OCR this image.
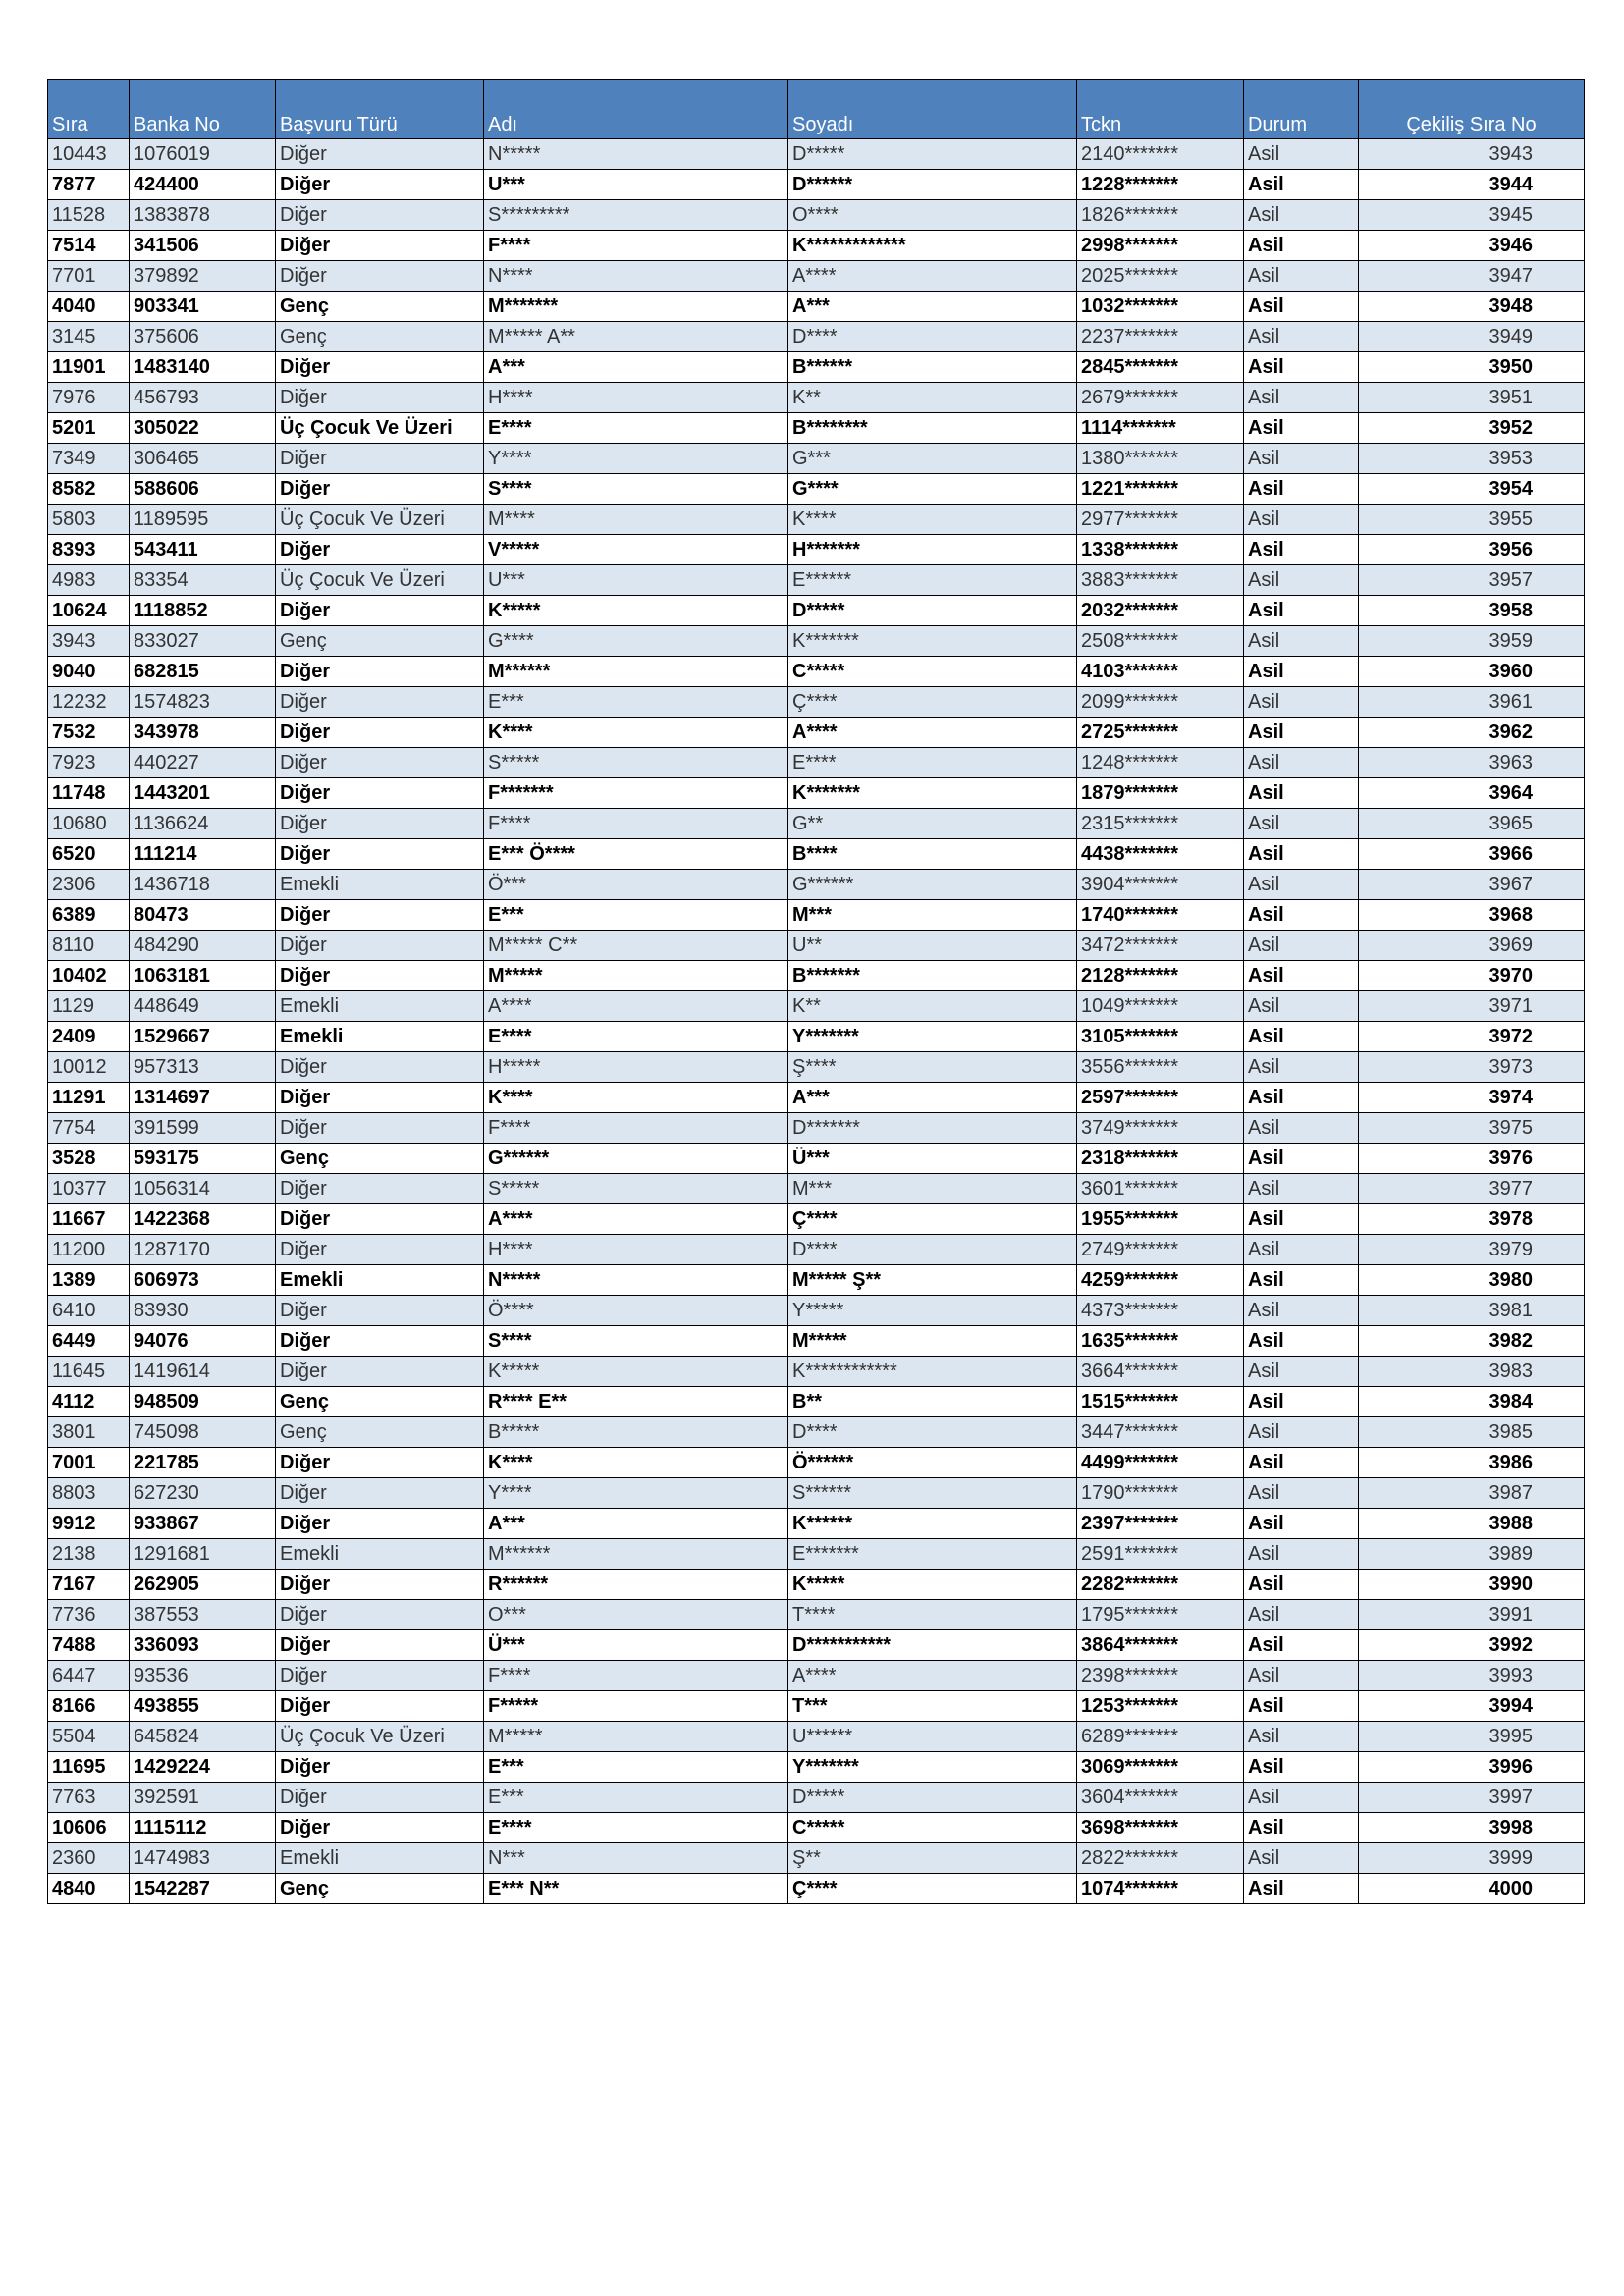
Sıra	Banka No	Başvuru Türü	Adı	Soyadı	Tckn	Durum	Çekiliş Sıra No
10443	1076019	Diğer	N*****	D*****	2140*******	Asil	3943
7877	424400	Diğer	U***	D******	1228*******	Asil	3944
11528	1383878	Diğer	S*********	O****	1826*******	Asil	3945
7514	341506	Diğer	F****	K*************	2998*******	Asil	3946
7701	379892	Diğer	N****	A****	2025*******	Asil	3947
4040	903341	Genç	M*******	A***	1032*******	Asil	3948
3145	375606	Genç	M***** A**	D****	2237*******	Asil	3949
11901	1483140	Diğer	A***	B******	2845*******	Asil	3950
7976	456793	Diğer	H****	K**	2679*******	Asil	3951
5201	305022	Üç Çocuk Ve Üzeri	E****	B********	1114*******	Asil	3952
7349	306465	Diğer	Y****	G***	1380*******	Asil	3953
8582	588606	Diğer	S****	G****	1221*******	Asil	3954
5803	1189595	Üç Çocuk Ve Üzeri	M****	K****	2977*******	Asil	3955
8393	543411	Diğer	V*****	H*******	1338*******	Asil	3956
4983	83354	Üç Çocuk Ve Üzeri	U***	E******	3883*******	Asil	3957
10624	1118852	Diğer	K*****	D*****	2032*******	Asil	3958
3943	833027	Genç	G****	K*******	2508*******	Asil	3959
9040	682815	Diğer	M******	C*****	4103*******	Asil	3960
12232	1574823	Diğer	E***	Ç****	2099*******	Asil	3961
7532	343978	Diğer	K****	A****	2725*******	Asil	3962
7923	440227	Diğer	S*****	E****	1248*******	Asil	3963
11748	1443201	Diğer	F*******	K*******	1879*******	Asil	3964
10680	1136624	Diğer	F****	G**	2315*******	Asil	3965
6520	111214	Diğer	E*** Ö****	B****	4438*******	Asil	3966
2306	1436718	Emekli	Ö***	G******	3904*******	Asil	3967
6389	80473	Diğer	E***	M***	1740*******	Asil	3968
8110	484290	Diğer	M***** C**	U**	3472*******	Asil	3969
10402	1063181	Diğer	M*****	B*******	2128*******	Asil	3970
1129	448649	Emekli	A****	K**	1049*******	Asil	3971
2409	1529667	Emekli	E****	Y*******	3105*******	Asil	3972
10012	957313	Diğer	H*****	Ş****	3556*******	Asil	3973
11291	1314697	Diğer	K****	A***	2597*******	Asil	3974
7754	391599	Diğer	F****	D*******	3749*******	Asil	3975
3528	593175	Genç	G******	Ü***	2318*******	Asil	3976
10377	1056314	Diğer	S*****	M***	3601*******	Asil	3977
11667	1422368	Diğer	A****	Ç****	1955*******	Asil	3978
11200	1287170	Diğer	H****	D****	2749*******	Asil	3979
1389	606973	Emekli	N*****	M***** Ş**	4259*******	Asil	3980
6410	83930	Diğer	Ö****	Y*****	4373*******	Asil	3981
6449	94076	Diğer	S****	M*****	1635*******	Asil	3982
11645	1419614	Diğer	K*****	K************	3664*******	Asil	3983
4112	948509	Genç	R**** E**	B**	1515*******	Asil	3984
3801	745098	Genç	B*****	D****	3447*******	Asil	3985
7001	221785	Diğer	K****	Ö******	4499*******	Asil	3986
8803	627230	Diğer	Y****	S******	1790*******	Asil	3987
9912	933867	Diğer	A***	K******	2397*******	Asil	3988
2138	1291681	Emekli	M******	E*******	2591*******	Asil	3989
7167	262905	Diğer	R******	K*****	2282*******	Asil	3990
7736	387553	Diğer	O***	T****	1795*******	Asil	3991
7488	336093	Diğer	Ü***	D***********	3864*******	Asil	3992
6447	93536	Diğer	F****	A****	2398*******	Asil	3993
8166	493855	Diğer	F*****	T***	1253*******	Asil	3994
5504	645824	Üç Çocuk Ve Üzeri	M*****	U******	6289*******	Asil	3995
11695	1429224	Diğer	E***	Y*******	3069*******	Asil	3996
7763	392591	Diğer	E***	D*****	3604*******	Asil	3997
10606	1115112	Diğer	E****	C*****	3698*******	Asil	3998
2360	1474983	Emekli	N***	Ş**	2822*******	Asil	3999
4840	1542287	Genç	E*** N**	Ç****	1074*******	Asil	4000
